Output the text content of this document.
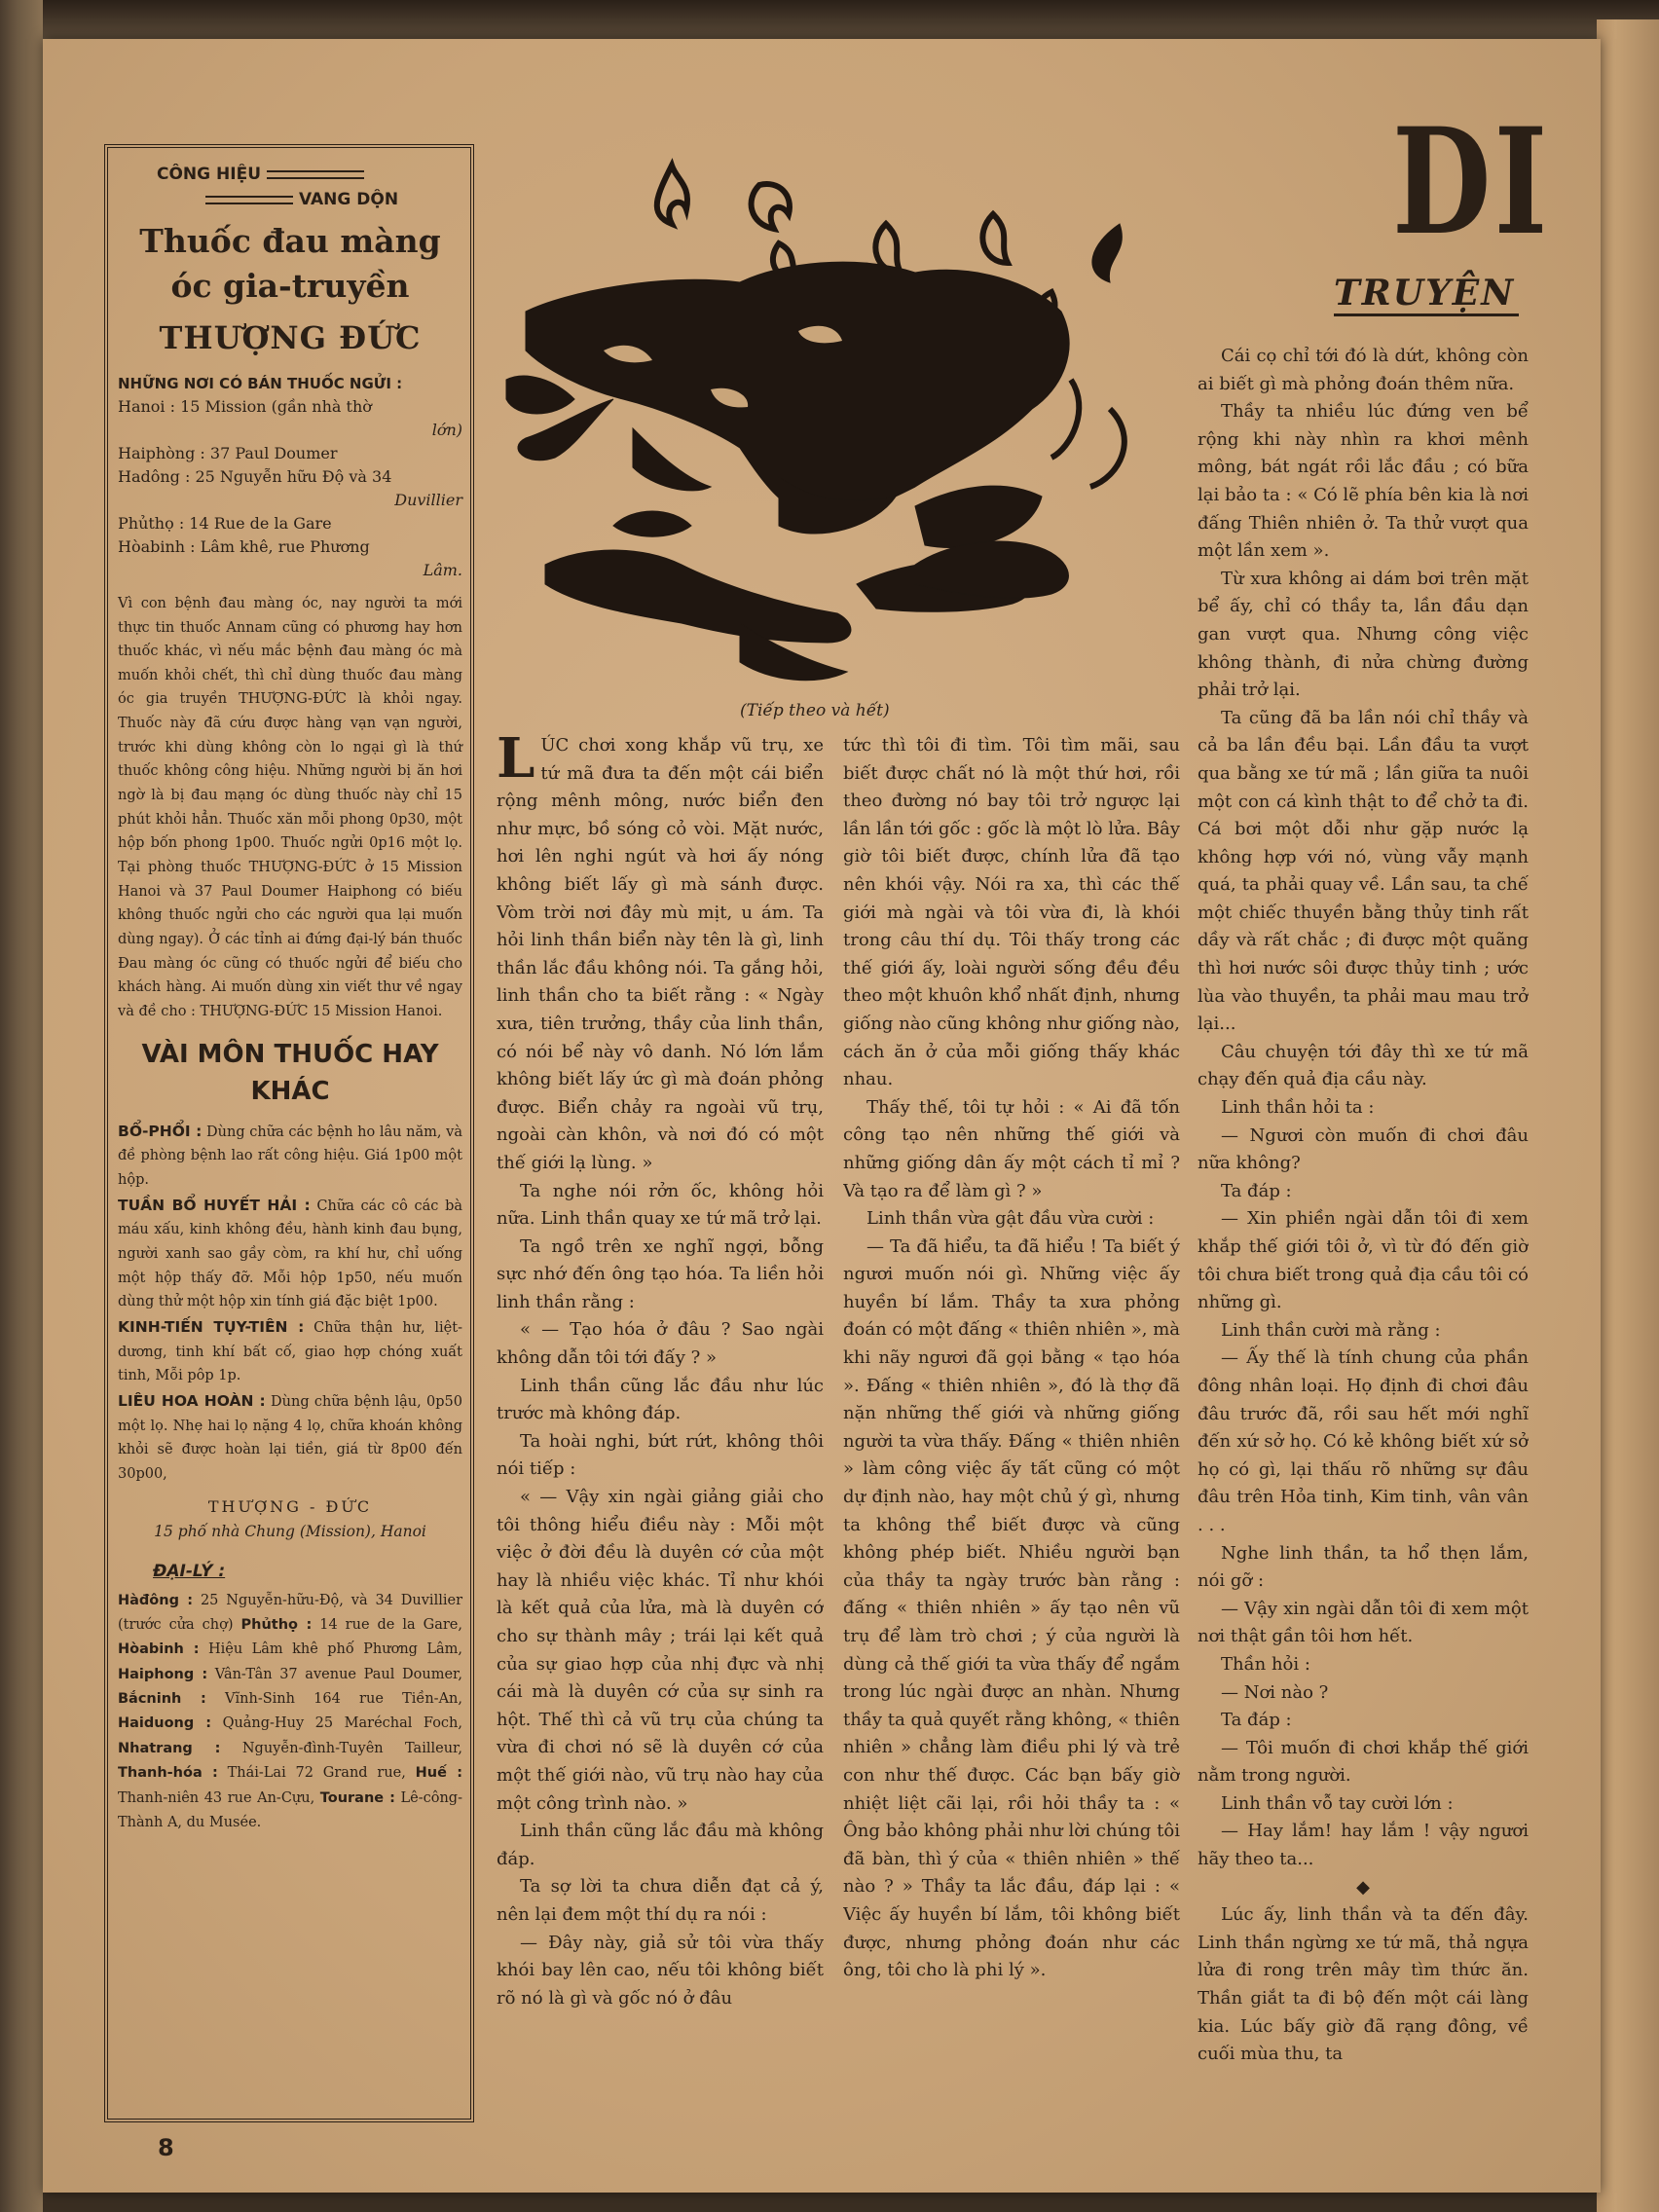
CÔNG HIỆU
VANG DỘN
Thuốc đau màng óc gia-truyền
THƯỢNG ĐỨC
NHỮNG NƠI CÓ BÁN THUỐC NGỬI :
Hanoi : 15 Mission (gần nhà thờ
lớn)
Haiphòng : 37 Paul Doumer
Hadông : 25 Nguyễn hữu Độ và 34
Duvillier
Phủthọ : 14 Rue de la Gare
Hòabinh : Lâm khê, rue Phương
Lâm.
Vì con bệnh đau màng óc, nay người ta mới thực tin thuốc Annam cũng có phương hay hơn thuốc khác, vì nếu mắc bệnh đau màng óc mà muốn khỏi chết, thì chỉ dùng thuốc đau màng óc gia truyền THƯỢNG-ĐỨC là khỏi ngay. Thuốc này đã cứu được hàng vạn vạn người, trước khi dùng không còn lo ngại gì là thứ thuốc không công hiệu. Những người bị ăn hơi ngờ là bị đau mạng óc dùng thuốc này chỉ 15 phút khỏi hẳn. Thuốc xăn mỗi phong 0p30, một hộp bốn phong 1p00. Thuốc ngửi 0p16 một lọ. Tại phòng thuốc THƯỢNG-ĐỨC ở 15 Mission Hanoi và 37 Paul Doumer Haiphong có biếu không thuốc ngửi cho các người qua lại muốn dùng ngay). Ở các tỉnh ai đứng đại-lý bán thuốc Đau màng óc cũng có thuốc ngửi để biếu cho khách hàng. Ai muốn dùng xin viết thư về ngay và đề cho : THƯỢNG-ĐỨC 15 Mission Hanoi.
VÀI MÔN THUỐC HAY KHÁC
BỔ-PHỔI : Dùng chữa các bệnh ho lâu năm, và đề phòng bệnh lao rất công hiệu. Giá 1p00 một hộp.
TUẦN BỔ HUYẾT HẢI : Chữa các cô các bà máu xấu, kinh không đều, hành kinh đau bụng, người xanh sao gầy còm, ra khí hư, chỉ uống một hộp thấy đỡ. Mỗi hộp 1p50, nếu muốn dùng thử một hộp xin tính giá đặc biệt 1p00.
KINH-TIẾN TỤY-TIÊN : Chữa thận hư, liệt-dương, tinh khí bất cố, giao hợp chóng xuất tinh, Mỗi pôp 1p.
LIÊU HOA HOÀN : Dùng chữa bệnh lậu, 0p50 một lọ. Nhẹ hai lọ nặng 4 lọ, chữa khoán không khỏi sẽ được hoàn lại tiền, giá từ 8p00 đến 30p00,
THƯỢNG - ĐỨC
15 phố nhà Chung (Mission), Hanoi
ĐẠI-LÝ :
Hàđông : 25 Nguyễn-hữu-Độ, và 34 Duvillier (trước cửa chợ) Phủthọ : 14 rue de la Gare, Hòabinh : Hiệu Lâm khê phố Phương Lâm, Haiphong : Vân-Tân 37 avenue Paul Doumer, Bắcninh : Vĩnh-Sinh 164 rue Tiền-An, Haiduong : Quảng-Huy 25 Maréchal Foch, Nhatrang : Nguyễn-đình-Tuyên Tailleur, Thanh-hóa : Thái-Lai 72 Grand rue, Huế : Thanh-niên 43 rue An-Cựu, Tourane : Lê-công-Thành A, du Musée.
(Tiếp theo và hết)
DI
TRUYỆN

LÚC chơi xong khắp vũ trụ, xe tứ mã đưa ta đến một cái biển rộng mênh mông, nước biển đen như mực, bồ sóng cỏ vòi. Mặt nước, hơi lên nghi ngút và hơi ấy nóng không biết lấy gì mà sánh được. Vòm trời nơi đây mù mịt, u ám. Ta hỏi linh thần biển này tên là gì, linh thần lắc đầu không nói. Ta gắng hỏi, linh thần cho ta biết rằng : « Ngày xưa, tiên trưởng, thầy của linh thần, có nói bể này vô danh. Nó lớn lắm không biết lấy ức gì mà đoán phỏng được. Biển chảy ra ngoài vũ trụ, ngoài càn khôn, và nơi đó có một thế giới lạ lùng. »

Ta nghe nói rởn ốc, không hỏi nữa. Linh thần quay xe tứ mã trở lại.

Ta ngồ trên xe nghĩ ngợi, bỗng sực nhớ đến ông tạo hóa. Ta liền hỏi linh thần rằng :

« — Tạo hóa ở đâu ? Sao ngài không dẫn tôi tới đấy ? »

Linh thần cũng lắc đầu như lúc trước mà không đáp.

Ta hoài nghi, bứt rứt, không thôi nói tiếp :

« — Vậy xin ngài giảng giải cho tôi thông hiểu điều này : Mỗi một việc ở đời đều là duyên cớ của một hay là nhiều việc khác. Tỉ như khói là kết quả của lửa, mà là duyên cớ cho sự thành mây ; trái lại kết quả của sự giao hợp của nhị đực và nhị cái mà là duyên cớ của sự sinh ra hột. Thế thì cả vũ trụ của chúng ta vừa đi chơi nó sẽ là duyên cớ của một thế giới nào, vũ trụ nào hay của một công trình nào. »

Linh thần cũng lắc đầu mà không đáp.

Ta sợ lời ta chưa diễn đạt cả ý, nên lại đem một thí dụ ra nói :

— Đây này, giả sử tôi vừa thấy khói bay lên cao, nếu tôi không biết rõ nó là gì và gốc nó ở đâu

tức thì tôi đi tìm. Tôi tìm mãi, sau biết được chất nó là một thứ hơi, rồi theo đường nó bay tôi trở ngược lại lần lần tới gốc : gốc là một lò lửa. Bây giờ tôi biết được, chính lửa đã tạo nên khói vậy. Nói ra xa, thì các thế giới mà ngài và tôi vừa đi, là khói trong câu thí dụ. Tôi thấy trong các thế giới ấy, loài người sống đều đều theo một khuôn khổ nhất định, nhưng giống nào cũng không như giống nào, cách ăn ở của mỗi giống thấy khác nhau.

Thấy thế, tôi tự hỏi : « Ai đã tốn công tạo nên những thế giới và những giống dân ấy một cách tỉ mỉ ? Và tạo ra để làm gì ? »

Linh thần vừa gật đầu vừa cười :

— Ta đã hiểu, ta đã hiểu ! Ta biết ý ngươi muốn nói gì. Những việc ấy huyền bí lắm. Thầy ta xưa phỏng đoán có một đấng « thiên nhiên », mà khi nãy ngươi đã gọi bằng « tạo hóa ». Đấng « thiên nhiên », đó là thợ đã nặn những thế giới và những giống người ta vừa thấy. Đấng « thiên nhiên » làm công việc ấy tất cũng có một dự định nào, hay một chủ ý gì, nhưng ta không thể biết được và cũng không phép biết. Nhiều người bạn của thầy ta ngày trước bàn rằng : đấng « thiên nhiên » ấy tạo nên vũ trụ để làm trò chơi ; ý của người là dùng cả thế giới ta vừa thấy để ngắm trong lúc ngài được an nhàn. Nhưng thầy ta quả quyết rằng không, « thiên nhiên » chẳng làm điều phi lý và trẻ con như thế được. Các bạn bấy giờ nhiệt liệt cãi lại, rồi hỏi thầy ta : « Ông bảo không phải như lời chúng tôi đã bàn, thì ý của « thiên nhiên » thế nào ? » Thầy ta lắc đầu, đáp lại : « Việc ấy huyền bí lắm, tôi không biết được, nhưng phỏng đoán như các ông, tôi cho là phi lý ».

Cái cọ chỉ tới đó là dứt, không còn ai biết gì mà phỏng đoán thêm nữa.

Thầy ta nhiều lúc đứng ven bể rộng khi này nhìn ra khơi mênh mông, bát ngát rồi lắc đầu ; có bữa lại bảo ta : « Có lẽ phía bên kia là nơi đấng Thiên nhiên ở. Ta thử vượt qua một lần xem ».

Từ xưa không ai dám bơi trên mặt bể ấy, chỉ có thầy ta, lần đầu dạn gan vượt qua. Nhưng công việc không thành, đi nửa chừng đường phải trở lại.

Ta cũng đã ba lần nói chỉ thầy và cả ba lần đều bại. Lần đầu ta vượt qua bằng xe tứ mã ; lần giữa ta nuôi một con cá kình thật to để chở ta đi. Cá bơi một dỗi như gặp nước lạ không hợp với nó, vùng vẫy mạnh quá, ta phải quay về. Lần sau, ta chế một chiếc thuyền bằng thủy tinh rất dầy và rất chắc ; đi được một quãng thì hơi nước sôi được thủy tinh ; ước lùa vào thuyền, ta phải mau mau trở lại...

Câu chuyện tới đây thì xe tứ mã chạy đến quả địa cầu này.

Linh thần hỏi ta :

— Ngươi còn muốn đi chơi đâu nữa không?

Ta đáp :

— Xin phiền ngài dẫn tôi đi xem khắp thế giới tôi ở, vì từ đó đến giờ tôi chưa biết trong quả địa cầu tôi có những gì.

Linh thần cười mà rằng :

— Ấy thế là tính chung của phần đông nhân loại. Họ định đi chơi đâu đâu trước đã, rồi sau hết mới nghĩ đến xứ sở họ. Có kẻ không biết xứ sở họ có gì, lại thấu rõ những sự đâu đâu trên Hỏa tinh, Kim tinh, vân vân . . .

Nghe linh thần, ta hổ thẹn lắm, nói gỡ :

— Vậy xin ngài dẫn tôi đi xem một nơi thật gần tôi hơn hết.

Thần hỏi :

— Nơi nào ?

Ta đáp :

— Tôi muốn đi chơi khắp thế giới nằm trong người.

Linh thần vỗ tay cười lớn :

— Hay lắm! hay lắm ! vậy ngươi hãy theo ta...

◆

Lúc ấy, linh thần và ta đến đây. Linh thần ngừng xe tứ mã, thả ngựa lửa đi rong trên mây tìm thức ăn. Thần giắt ta đi bộ đến một cái làng kia. Lúc bấy giờ đã rạng đông, về cuối mùa thu, ta

8
